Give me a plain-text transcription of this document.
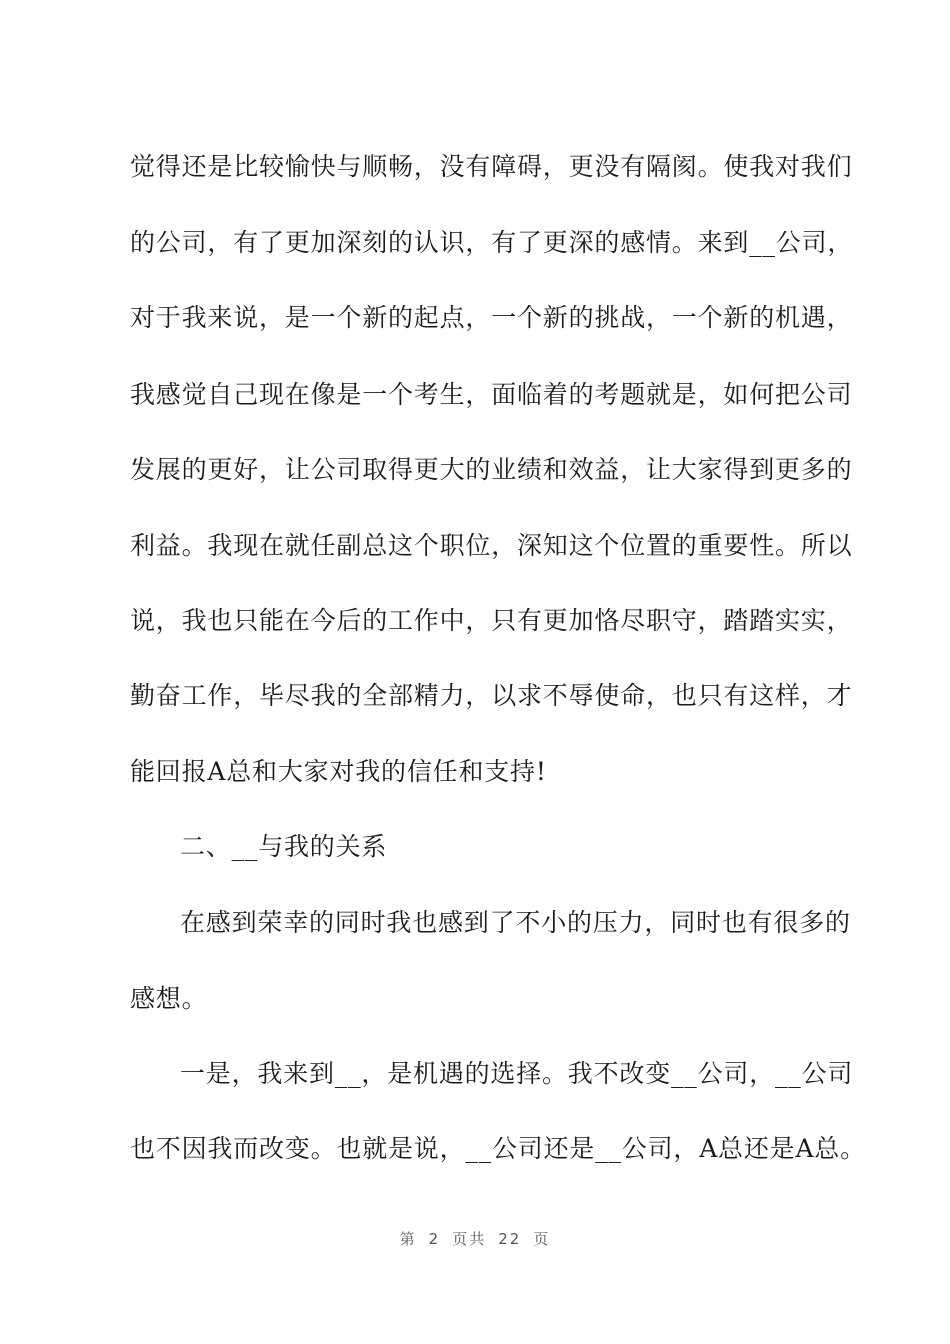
觉得还是比较愉快与顺畅，没有障碍，更没有隔阂。使我对我们
的公司，有了更加深刻的认识，有了更深的感情。来到__公司，
对于我来说，是一个新的起点，一个新的挑战，一个新的机遇，
我感觉自己现在像是一个考生，面临着的考题就是，如何把公司
发展的更好，让公司取得更大的业绩和效益，让大家得到更多的
利益。我现在就任副总这个职位，深知这个位置的重要性。所以
说，我也只能在今后的工作中，只有更加恪尽职守，踏踏实实，
勤奋工作，毕尽我的全部精力，以求不辱使命，也只有这样，才
能回报A总和大家对我的信任和支持!
二、__与我的关系
在感到荣幸的同时我也感到了不小的压力，同时也有很多的
感想。
一是，我来到__，是机遇的选择。我不改变__公司，__公司
也不因我而改变。也就是说，__公司还是__公司，A总还是A总。
第 2 页共 22 页
